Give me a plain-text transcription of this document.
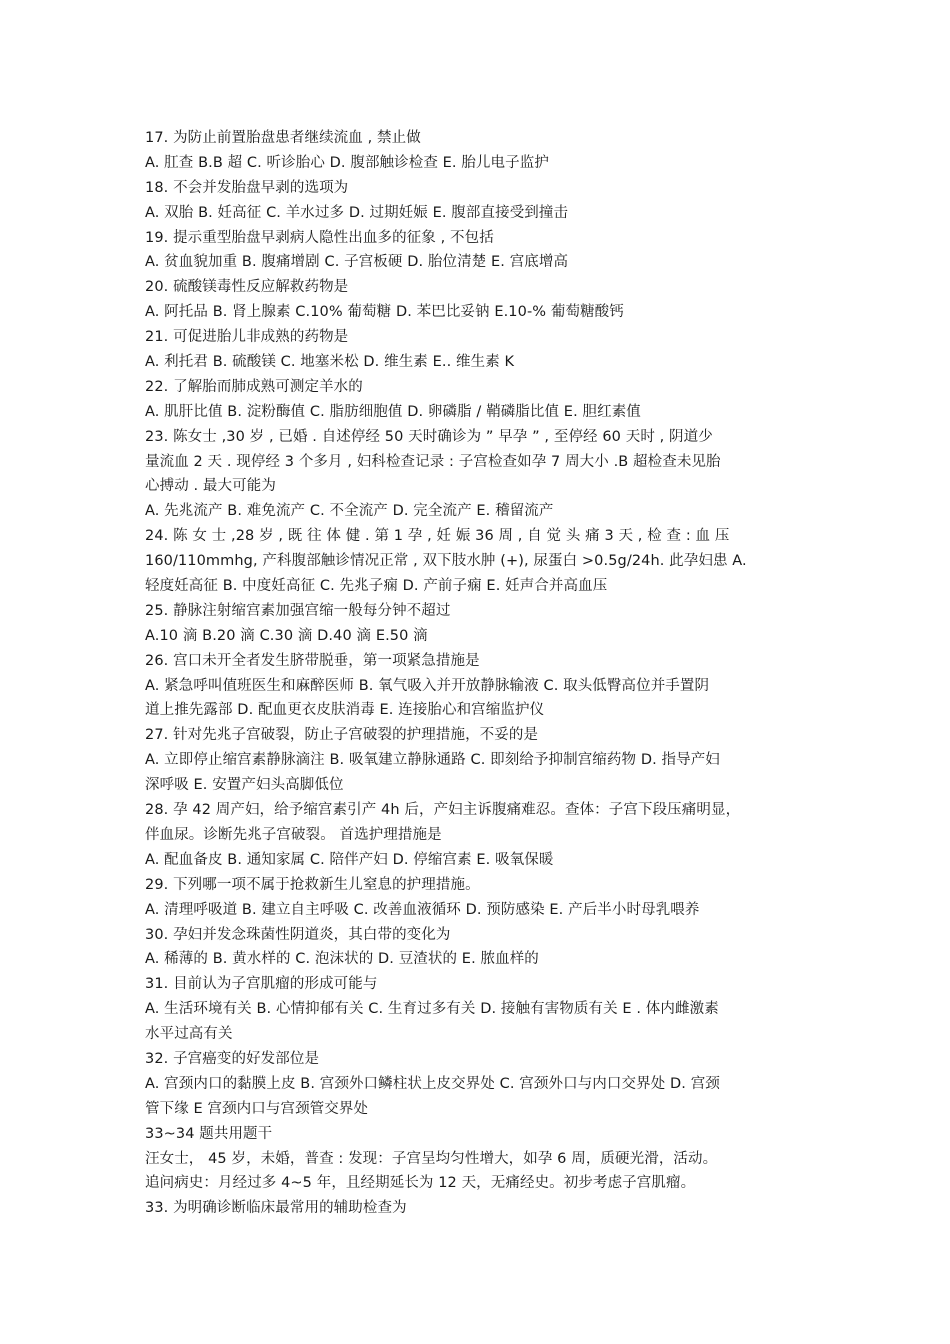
17. 为防止前置胎盘患者继续流血 , 禁止做
A. 肛查 B.B 超 C. 听诊胎心 D. 腹部触诊检查 E. 胎儿电子监护
18. 不会并发胎盘早剥的选项为
A. 双胎 B. 妊高征 C. 羊水过多 D. 过期妊娠 E. 腹部直接受到撞击
19. 提示重型胎盘早剥病人隐性出血多的征象 , 不包括
A. 贫血貌加重 B. 腹痛增剧 C. 子宫板硬 D. 胎位清楚 E. 宫底增高
20. 硫酸镁毒性反应解救药物是
A. 阿托品 B. 肾上腺素 C.10% 葡萄糖 D. 苯巴比妥钠 E.10-% 葡萄糖酸钙
21. 可促进胎儿非成熟的药物是
A. 利托君 B. 硫酸镁 C. 地塞米松 D. 维生素 E.. 维生素 K
22. 了解胎而肺成熟可测定羊水的
A. 肌肝比值 B. 淀粉酶值 C. 脂肪细胞值 D. 卵磷脂 / 鞘磷脂比值 E. 胆红素值
23. 陈女士 ,30 岁 , 已婚 . 自述停经 50 天时确诊为 ” 早孕 ” , 至停经 60 天时 , 阴道少
量流血 2 天 . 现停经 3 个多月 , 妇科检查记录 : 子宫检查如孕 7 周大小 .B 超检查未见胎
心搏动 . 最大可能为
A. 先兆流产 B. 难免流产 C. 不全流产 D. 完全流产 E. 稽留流产
24. 陈 女 士 ,28 岁 , 既 往 体 健 . 第 1 孕 , 妊 娠 36 周 , 自 觉 头 痛 3 天 , 检 查 : 血 压
160/110mmhg, 产科腹部触诊情况正常 , 双下肢水肿 (+), 尿蛋白 >0.5g/24h. 此孕妇患 A.
轻度妊高征 B. 中度妊高征 C. 先兆子痫 D. 产前子痫 E. 妊声合并高血压
25. 静脉注射缩宫素加强宫缩一般每分钟不超过
A.10 滴 B.20 滴 C.30 滴 D.40 滴 E.50 滴
26. 宫口未开全者发生脐带脱垂，第一项紧急措施是
A. 紧急呼叫值班医生和麻醉医师 B. 氧气吸入并开放静脉输液 C. 取头低臀高位并手置阴
道上推先露部 D. 配血更衣皮肤消毒 E. 连接胎心和宫缩监护仪
27. 针对先兆子宫破裂，防止子宫破裂的护理措施，不妥的是
A. 立即停止缩宫素静脉滴注 B. 吸氧建立静脉通路 C. 即刻给予抑制宫缩药物 D. 指导产妇
深呼吸 E. 安置产妇头高脚低位
28. 孕 42 周产妇，给予缩宫素引产 4h 后，产妇主诉腹痛难忍。查体：子宫下段压痛明显，
伴血尿。诊断先兆子宫破裂。 首选护理措施是
A. 配血备皮 B. 通知家属 C. 陪伴产妇 D. 停缩宫素 E. 吸氧保暖
29. 下列哪一项不属于抢救新生儿窒息的护理措施。
A. 清理呼吸道 B. 建立自主呼吸 C. 改善血液循环 D. 预防感染 E. 产后半小时母乳喂养
30. 孕妇并发念珠菌性阴道炎，其白带的变化为
A. 稀薄的 B. 黄水样的 C. 泡沫状的 D. 豆渣状的 E. 脓血样的
31. 目前认为子宫肌瘤的形成可能与
A. 生活环境有关 B. 心情抑郁有关 C. 生育过多有关 D. 接触有害物质有关 E . 体内雌激素
水平过高有关
32. 子宫癌变的好发部位是
A. 宫颈内口的黏膜上皮 B. 宫颈外口鳞柱状上皮交界处 C. 宫颈外口与内口交界处 D. 宫颈
管下缘 E 宫颈内口与宫颈管交界处
33~34 题共用题干
汪女士， 45 岁，未婚，普查 : 发现：子宫呈均匀性增大，如孕 6 周，质硬光滑，活动。
追问病史：月经过多 4~5 年，且经期延长为 12 天，无痛经史。初步考虑子宫肌瘤。
33. 为明确诊断临床最常用的辅助检查为
